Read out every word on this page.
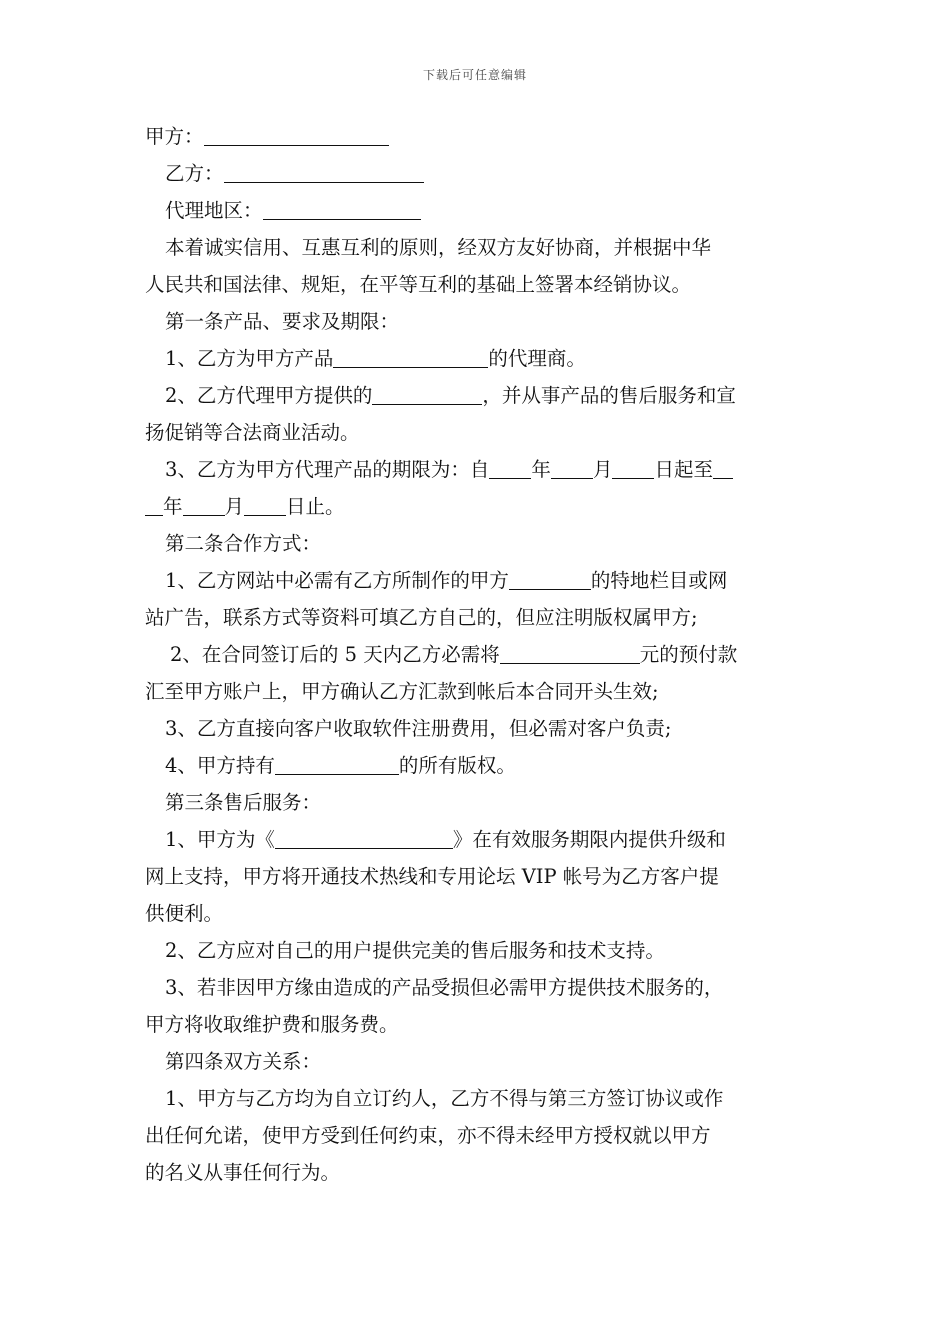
下载后可任意编辑
甲方：
乙方：
代理地区：
本着诚实信用、互惠互利的原则，经双方友好协商，并根据中华
人民共和国法律、规矩，在平等互利的基础上签署本经销协议。
第一条产品、要求及期限：
1、乙方为甲方产品	的代理商。
2、乙方代理甲方提供的	，并从事产品的售后服务和宣
扬促销等合法商业活动。
3、乙方为甲方代理产品的期限为：自 年 月 日起至
年 月 日止。
第二条合作方式：
1、乙方网站中必需有乙方所制作的甲方	的特地栏目或网
站广告，联系方式等资料可填乙方自己的，但应注明版权属甲方;
2、在合同签订后的 5 天内乙方必需将	元的预付款
汇至甲方账户上，甲方确认乙方汇款到帐后本合同开头生效;
3、乙方直接向客户收取软件注册费用，但必需对客户负责;
4、甲方持有	的所有版权。
第三条售后服务：
1、甲方为《	》在有效服务期限内提供升级和
网上支持，甲方将开通技术热线和专用论坛 VIP 帐号为乙方客户提
供便利。
2、乙方应对自己的用户提供完美的售后服务和技术支持。
3、若非因甲方缘由造成的产品受损但必需甲方提供技术服务的，
甲方将收取维护费和服务费。
第四条双方关系：
1、甲方与乙方均为自立订约人，乙方不得与第三方签订协议或作
出任何允诺，使甲方受到任何约束，亦不得未经甲方授权就以甲方
的名义从事任何行为。
